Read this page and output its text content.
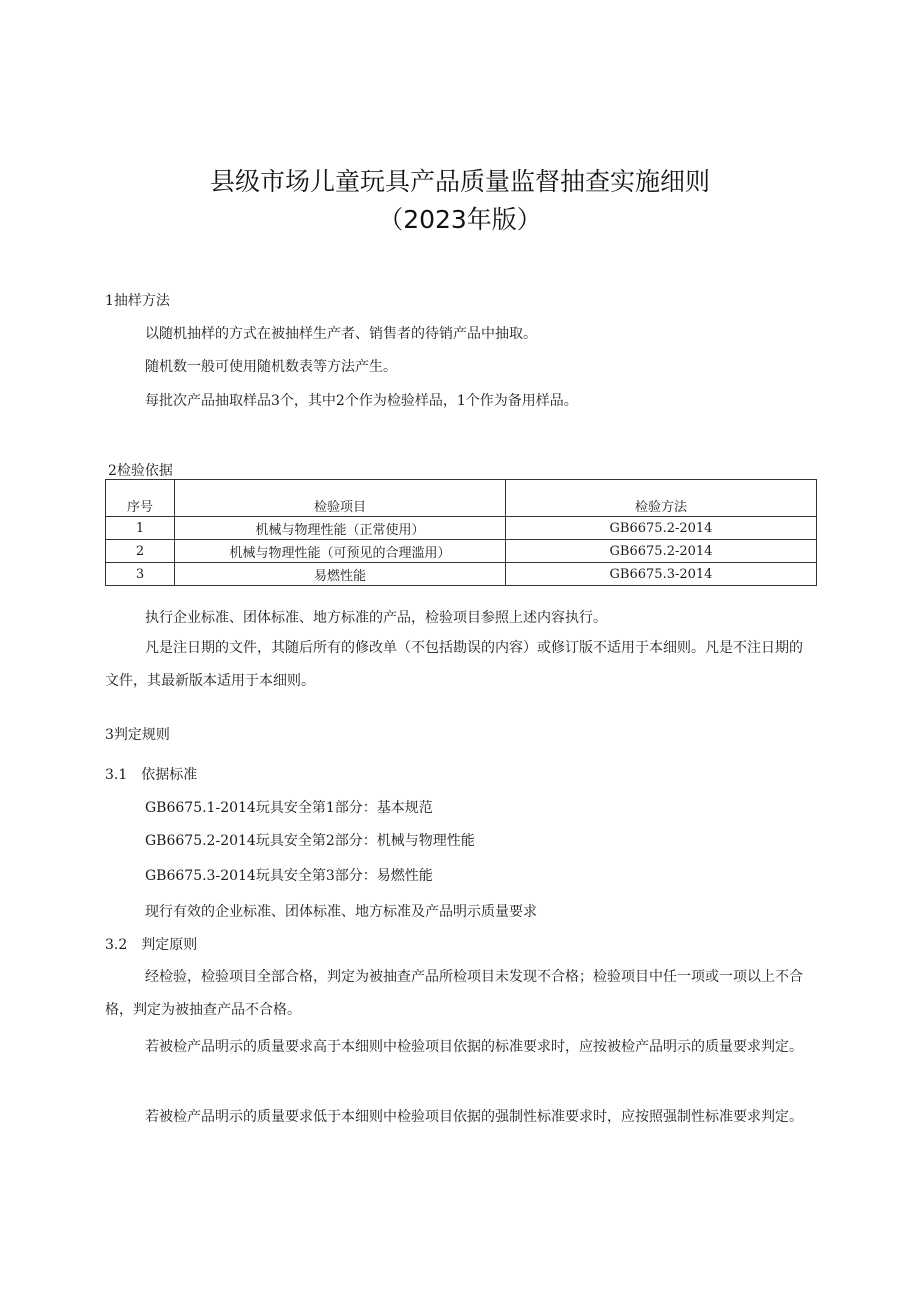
县级市场儿童玩具产品质量监督抽查实施细则
（2023年版）
1抽样方法
以随机抽样的方式在被抽样生产者、销售者的待销产品中抽取。
随机数一般可使用随机数表等方法产生。
每批次产品抽取样品3个，其中2个作为检验样品，1个作为备用样品。
2检验依据
序号	检验项目	检验方法
1	机械与物理性能（正常使用）	GB6675.2-2014
2	机械与物理性能（可预见的合理滥用）	GB6675.2-2014
3	易燃性能	GB6675.3-2014
执行企业标准、团体标准、地方标准的产品，检验项目参照上述内容执行。
凡是注日期的文件，其随后所有的修改单（不包括勘误的内容）或修订版不适用于本细则。凡是不注日期的文件，其最新版本适用于本细则。
3判定规则
3.1　依据标准
GB6675.1-2014玩具安全第1部分：基本规范
GB6675.2-2014玩具安全第2部分：机械与物理性能
GB6675.3-2014玩具安全第3部分：易燃性能
现行有效的企业标准、团体标准、地方标准及产品明示质量要求
3.2　判定原则
经检验，检验项目全部合格，判定为被抽查产品所检项目未发现不合格；检验项目中任一项或一项以上不合格，判定为被抽查产品不合格。
若被检产品明示的质量要求高于本细则中检验项目依据的标准要求时，应按被检产品明示的质量要求判定。
若被检产品明示的质量要求低于本细则中检验项目依据的强制性标准要求时，应按照强制性标准要求判定。
